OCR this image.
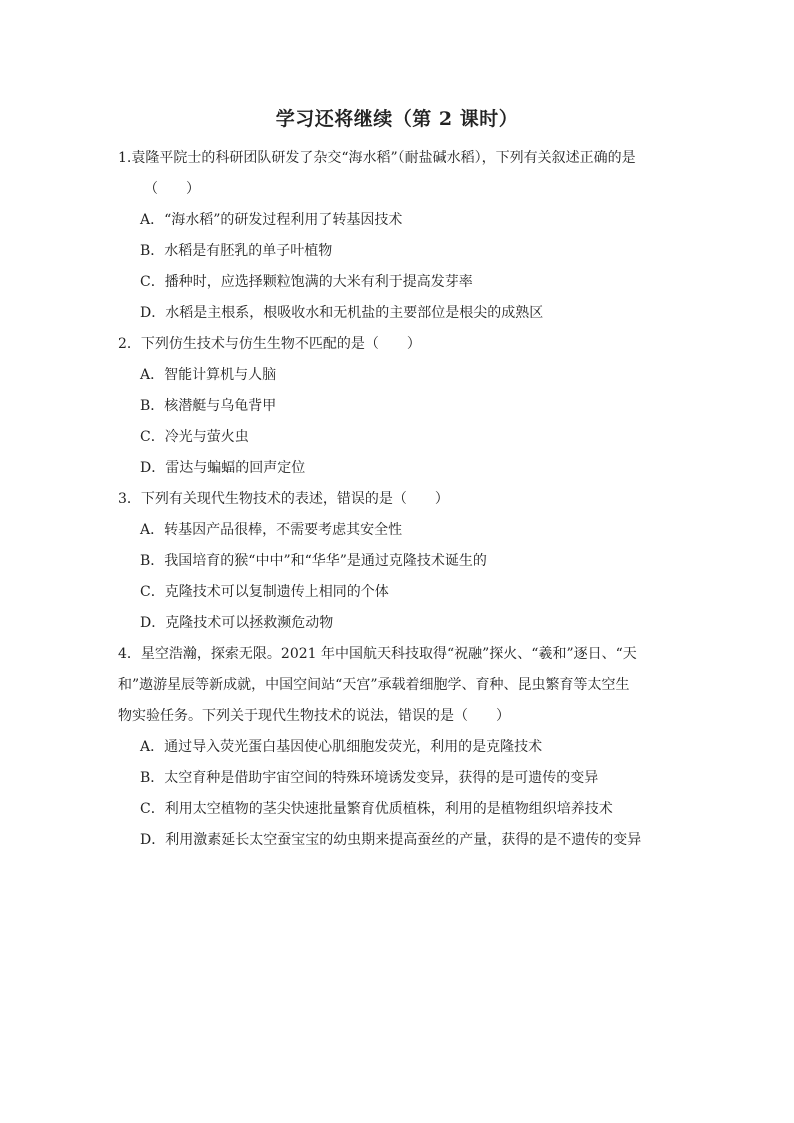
学习还将继续（第 2 课时）
1.袁隆平院士的科研团队研发了杂交“海水稻”（耐盐碱水稻），下列有关叙述正确的是
（　　）
A．“海水稻”的研发过程利用了转基因技术
B．水稻是有胚乳的单子叶植物
C．播种时，应选择颗粒饱满的大米有利于提高发芽率
D．水稻是主根系，根吸收水和无机盐的主要部位是根尖的成熟区
2．下列仿生技术与仿生生物不匹配的是（　　）
A．智能计算机与人脑
B．核潜艇与乌龟背甲
C．冷光与萤火虫
D．雷达与蝙蝠的回声定位
3．下列有关现代生物技术的表述，错误的是（　　）
A．转基因产品很棒，不需要考虑其安全性
B．我国培育的猴“中中”和“华华”是通过克隆技术诞生的
C．克隆技术可以复制遗传上相同的个体
D．克隆技术可以拯救濒危动物
4．星空浩瀚，探索无限。2021 年中国航天科技取得“祝融”探火、“羲和”逐日、“天
和”遨游星辰等新成就，中国空间站“天宫”承载着细胞学、育种、昆虫繁育等太空生
物实验任务。下列关于现代生物技术的说法，错误的是（　　）
A．通过导入荧光蛋白基因使心肌细胞发荧光，利用的是克隆技术
B．太空育种是借助宇宙空间的特殊环境诱发变异，获得的是可遗传的变异
C．利用太空植物的茎尖快速批量繁育优质植株，利用的是植物组织培养技术
D．利用激素延长太空蚕宝宝的幼虫期来提高蚕丝的产量，获得的是不遗传的变异
